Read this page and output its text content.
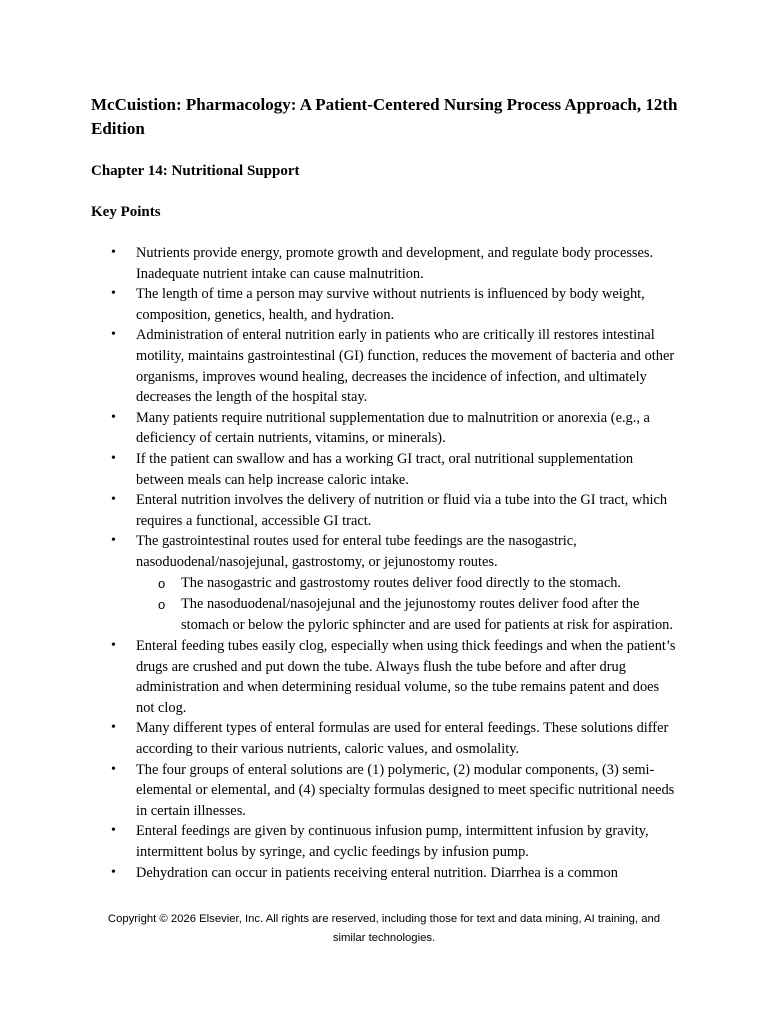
McCuistion: Pharmacology: A Patient-Centered Nursing Process Approach, 12th Edition
Chapter 14: Nutritional Support
Key Points
• Nutrients provide energy, promote growth and development, and regulate body processes. Inadequate nutrient intake can cause malnutrition.
• The length of time a person may survive without nutrients is influenced by body weight, composition, genetics, health, and hydration.
• Administration of enteral nutrition early in patients who are critically ill restores intestinal motility, maintains gastrointestinal (GI) function, reduces the movement of bacteria and other organisms, improves wound healing, decreases the incidence of infection, and ultimately decreases the length of the hospital stay.
• Many patients require nutritional supplementation due to malnutrition or anorexia (e.g., a deficiency of certain nutrients, vitamins, or minerals).
• If the patient can swallow and has a working GI tract, oral nutritional supplementation between meals can help increase caloric intake.
• Enteral nutrition involves the delivery of nutrition or fluid via a tube into the GI tract, which requires a functional, accessible GI tract.
• The gastrointestinal routes used for enteral tube feedings are the nasogastric, nasoduodenal/nasojejunal, gastrostomy, or jejunostomy routes.
o The nasogastric and gastrostomy routes deliver food directly to the stomach.
o The nasoduodenal/nasojejunal and the jejunostomy routes deliver food after the stomach or below the pyloric sphincter and are used for patients at risk for aspiration.
• Enteral feeding tubes easily clog, especially when using thick feedings and when the patient’s drugs are crushed and put down the tube. Always flush the tube before and after drug administration and when determining residual volume, so the tube remains patent and does not clog.
• Many different types of enteral formulas are used for enteral feedings. These solutions differ according to their various nutrients, caloric values, and osmolality.
• The four groups of enteral solutions are (1) polymeric, (2) modular components, (3) semi-elemental or elemental, and (4) specialty formulas designed to meet specific nutritional needs in certain illnesses.
• Enteral feedings are given by continuous infusion pump, intermittent infusion by gravity, intermittent bolus by syringe, and cyclic feedings by infusion pump.
• Dehydration can occur in patients receiving enteral nutrition. Diarrhea is a common
Copyright © 2026 Elsevier, Inc. All rights are reserved, including those for text and data mining, AI training, and
similar technologies.
